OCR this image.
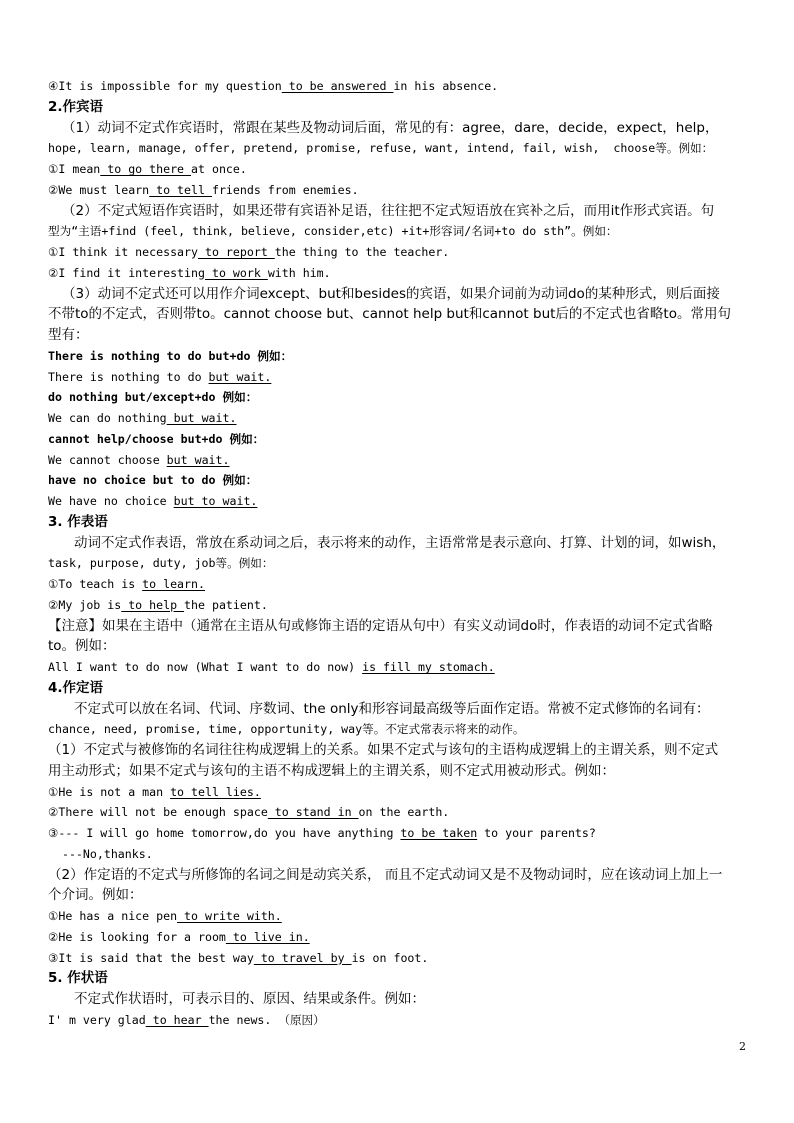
④It is impossible for my question to be answered in his absence.
2.作宾语
（1）动词不定式作宾语时，常跟在某些及物动词后面，常见的有：agree，dare，decide，expect，help，
hope, learn, manage, offer, pretend, promise, refuse, want, intend, fail, wish,  choose等。例如：
①I mean to go there at once.
②We must learn to tell friends from enemies.
（2）不定式短语作宾语时，如果还带有宾语补足语，往往把不定式短语放在宾补之后，而用it作形式宾语。句
型为“主语+find (feel, think, believe, consider,etc) +it+形容词/名词+to do sth”。例如：
①I think it necessary to report the thing to the teacher.
②I find it interesting to work with him.
（3）动词不定式还可以用作介词except、but和besides的宾语，如果介词前为动词do的某种形式，则后面接
不带to的不定式，否则带to。cannot choose but、cannot help but和cannot but后的不定式也省略to。常用句
型有：
There is nothing to do but+do 例如：
There is nothing to do but wait.
do nothing but/except+do 例如：
We can do nothing but wait.
cannot help/choose but+do 例如：
We cannot choose but wait.
have no choice but to do 例如：
We have no choice but to wait.
3. 作表语
动词不定式作表语，常放在系动词之后，表示将来的动作，主语常常是表示意向、打算、计划的词，如wish，
task, purpose, duty, job等。例如：
①To teach is to learn.
②My job is to help the patient.
【注意】如果在主语中（通常在主语从句或修饰主语的定语从句中）有实义动词do时，作表语的动词不定式省略
to。例如：
All I want to do now (What I want to do now) is fill my stomach.
4.作定语
不定式可以放在名词、代词、序数词、the only和形容词最高级等后面作定语。常被不定式修饰的名词有：
chance, need, promise, time, opportunity, way等。不定式常表示将来的动作。
（1）不定式与被修饰的名词往往构成逻辑上的关系。如果不定式与该句的主语构成逻辑上的主谓关系，则不定式
用主动形式；如果不定式与该句的主语不构成逻辑上的主谓关系，则不定式用被动形式。例如：
①He is not a man to tell lies.
②There will not be enough space to stand in on the earth.
③--- I will go home tomorrow,do you have anything to be taken to your parents?
---No,thanks.
（2）作定语的不定式与所修饰的名词之间是动宾关系， 而且不定式动词又是不及物动词时，应在该动词上加上一
个介词。例如：
①He has a nice pen to write with.
②He is looking for a room to live in.
③It is said that the best way to travel by is on foot.
5. 作状语
不定式作状语时，可表示目的、原因、结果或条件。例如：
I' m very glad to hear the news. （原因）
2
